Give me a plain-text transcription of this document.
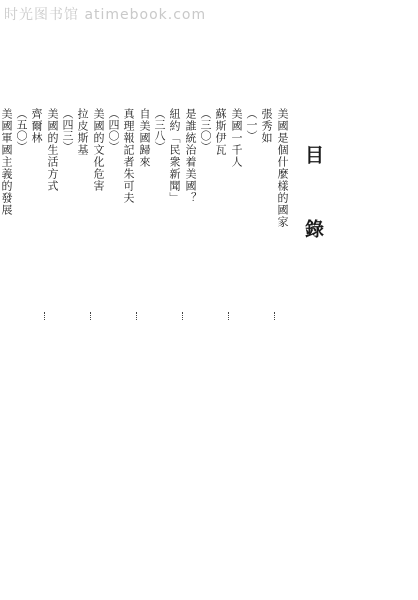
时光图书馆 atimebook.com
目 錄
美國是個什麼樣的國家
張秀如
（一）
美國一千人
蘇斯伊瓦
（三〇）
是誰統治着美國？
紐約「民衆新聞」
（三八）
自美國歸來
真理報記者朱可夫
（四〇）
美國的文化危害
拉皮斯基
（四三）
美國的生活方式
齊爾林
（五〇）
美國軍國主義的發展
